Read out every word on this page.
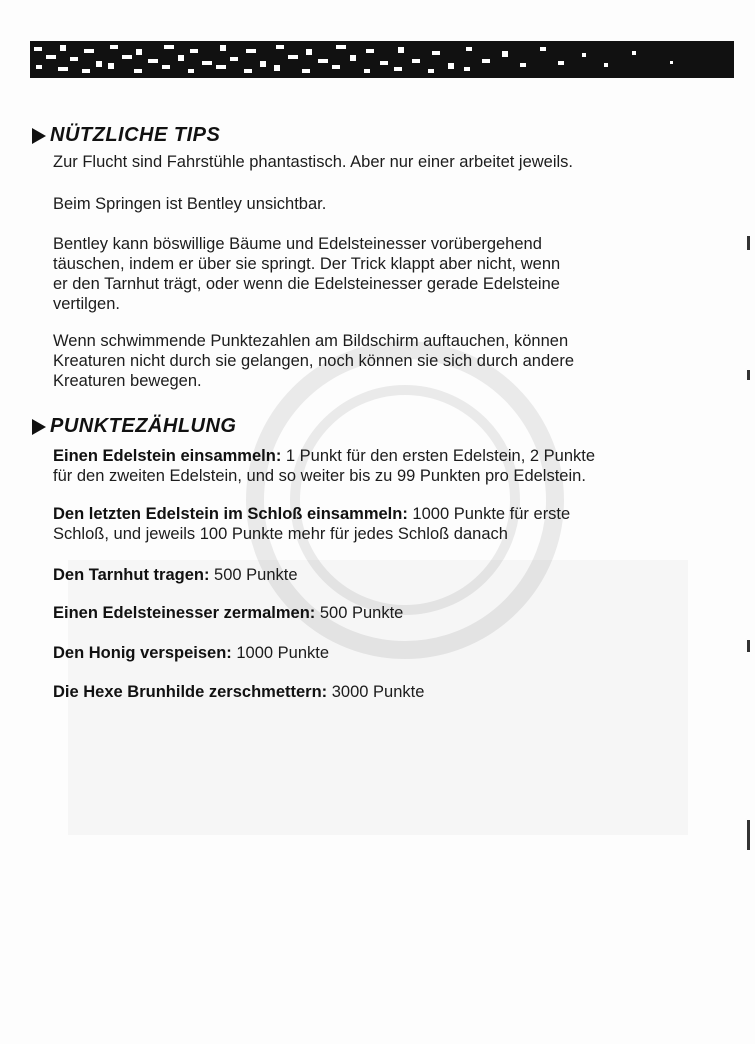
NÜTZLICHE TIPS

Zur Flucht sind Fahrstühle phantastisch. Aber nur einer arbeitet jeweils.

Beim Springen ist Bentley unsichtbar.

Bentley kann böswillige Bäume und Edelsteinesser vorübergehend
täuschen, indem er über sie springt. Der Trick klappt aber nicht, wenn
er den Tarnhut trägt, oder wenn die Edelsteinesser gerade Edelsteine
vertilgen.

Wenn schwimmende Punktezahlen am Bildschirm auftauchen, können
Kreaturen nicht durch sie gelangen, noch können sie sich durch andere
Kreaturen bewegen.

PUNKTEZÄHLUNG

Einen Edelstein einsammeln: 1 Punkt für den ersten Edelstein, 2 Punkte
für den zweiten Edelstein, und so weiter bis zu 99 Punkten pro Edelstein.

Den letzten Edelstein im Schloß einsammeln: 1000 Punkte für erste
Schloß, und jeweils 100 Punkte mehr für jedes Schloß danach

Den Tarnhut tragen: 500 Punkte

Einen Edelsteinesser zermalmen: 500 Punkte

Den Honig verspeisen: 1000 Punkte

Die Hexe Brunhilde zerschmettern: 3000 Punkte
